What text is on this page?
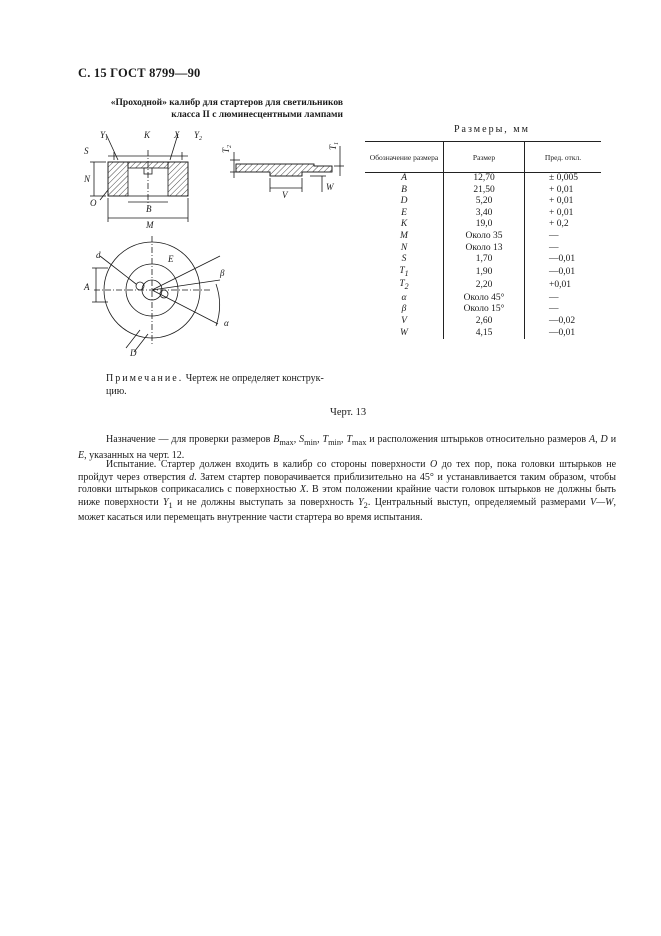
С. 15 ГОСТ 8799—90
«Проходной» калибр для стартеров для светильников
класса II с люминесцентными лампами
$Y_1$	K	X $Y_2$
S
N
O
B
M
$T_2$	$T_1$
V
W
d	E
A
β
α
D
Размеры, мм
Обозначение размера	Размер	Пред. откл.
A	12,70	± 0,005
B	21,50	+ 0,01
D	5,20	+ 0,01
E	3,40	+ 0,01
K	19,0	+ 0,2
M	Около 35	—
N	Около 13	—
S	1,70	—0,01
$T_1$	1,90	—0,01
$T_2$	2,20	+0,01
α	Около 45°	—
β	Около 15°	—
V	2,60	—0,02
W	4,15	—0,01
Примечание. Чертеж не определяет конструк-
цию.
Черт. 13
Назначение — для проверки размеров $B_{max}$, $S_{min}$, $T_{min}$, $T_{max}$ и расположения штырьков относительно размеров A, D и E, указанных на черт. 12.
Испытание. Стартер должен входить в калибр со стороны поверхности O до тех пор, пока головки штырьков не пройдут через отверстия d. Затем стартер поворачивается приблизительно на 45° и устанавливается таким образом, чтобы головки штырьков соприкасались с поверхностью X. В этом положении крайние части головок штырьков не должны быть ниже поверхности $Y_1$ и не должны выступать за поверхность $Y_2$. Центральный выступ, определяемый размерами V—W, может касаться или перемещать внутренние части стартера во время испытания.
